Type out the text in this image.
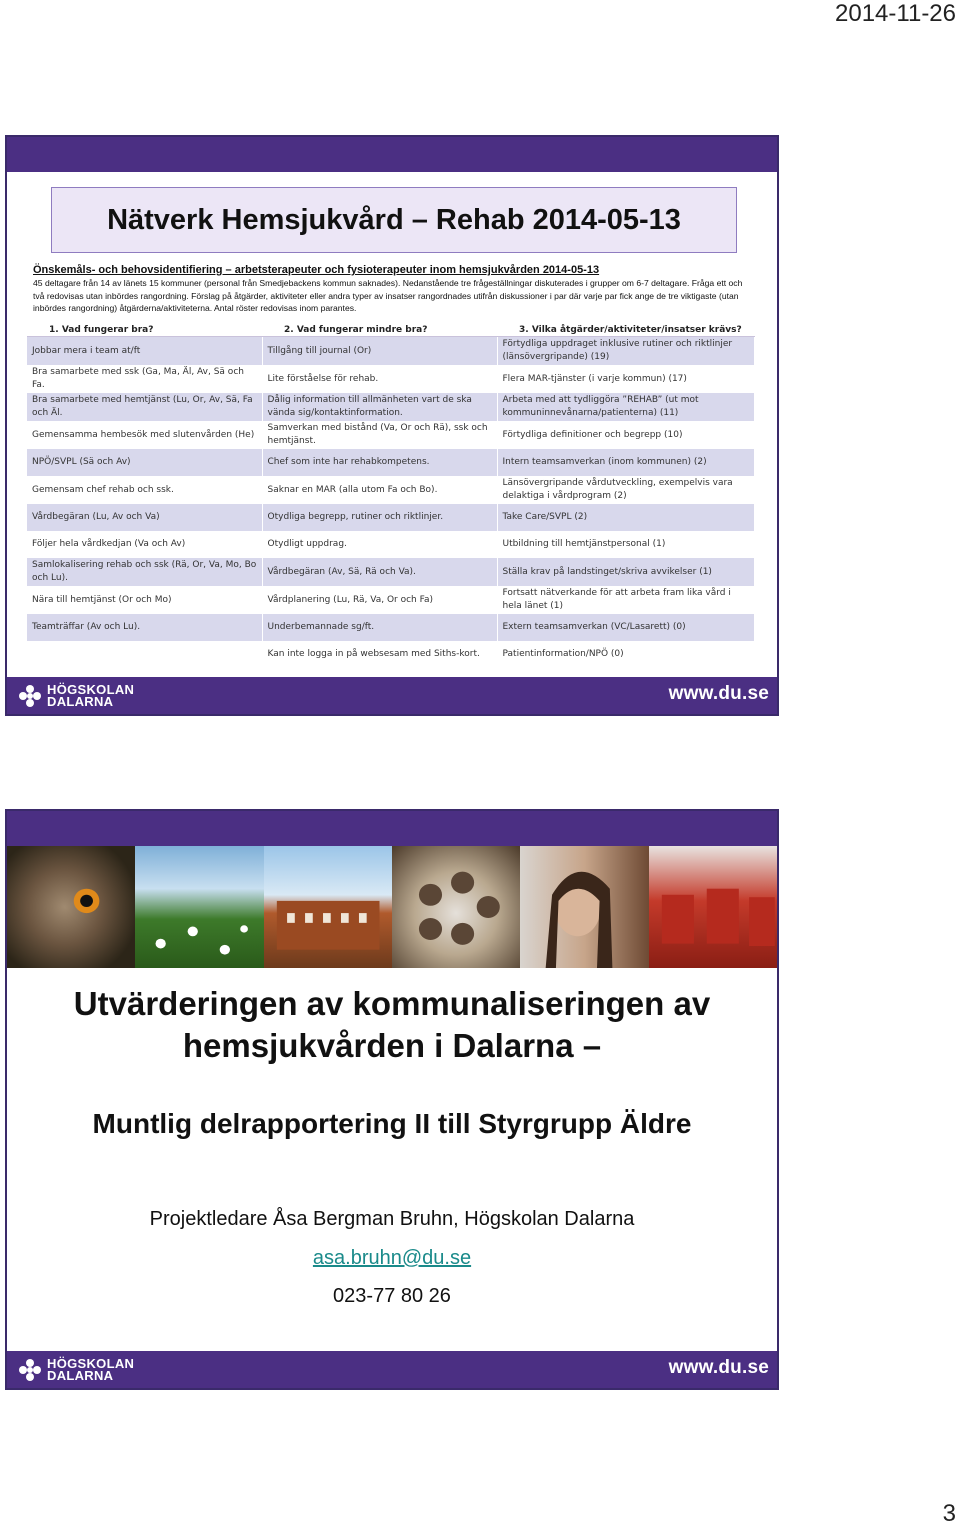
2014-11-26
Nätverk Hemsjukvård – Rehab 2014-05-13

Önskemåls- och behovsidentifiering – arbetsterapeuter och fysioterapeuter inom hemsjukvården 2014-05-13

45 deltagare från 14 av länets 15 kommuner (personal från Smedjebackens kommun saknades). Nedanstående tre frågeställningar diskuterades i grupper om 6-7 deltagare. Fråga ett och två redovisas utan inbördes rangordning. Förslag på åtgärder, aktiviteter eller andra typer av insatser rangordnades utifrån diskussioner i par där varje par fick ange de tre viktigaste (utan inbördes rangordning) åtgärderna/aktiviteterna. Antal röster redovisas inom parantes.

1. Vad fungerar bra?	2. Vad fungerar mindre bra?	3. Vilka åtgärder/aktiviteter/insatser krävs?
Jobbar mera i team at/ft	Tillgång till journal (Or)	Förtydliga uppdraget inklusive rutiner och riktlinjer (länsövergripande) (19)
Bra samarbete med ssk (Ga, Ma, Äl, Av, Sä och Fa.	Lite förståelse för rehab.	Flera MAR-tjänster (i varje kommun) (17)
Bra samarbete med hemtjänst (Lu, Or, Av, Sä, Fa och Äl.	Dålig information till allmänheten vart de ska vända sig/kontaktinformation.	Arbeta med att tydliggöra ”REHAB” (ut mot kommuninnevånarna/patienterna) (11)
Gemensamma hembesök med slutenvården (He)	Samverkan med bistånd (Va, Or och Rä), ssk och hemtjänst.	Förtydliga definitioner och begrepp (10)
NPÖ/SVPL (Sä och Av)	Chef som inte har rehabkompetens.	Intern teamsamverkan (inom kommunen) (2)
Gemensam chef rehab och ssk.	Saknar en MAR (alla utom Fa och Bo).	Länsövergripande vårdutveckling, exempelvis vara delaktiga i vårdprogram (2)
Vårdbegäran (Lu, Av och Va)	Otydliga begrepp, rutiner och riktlinjer.	Take Care/SVPL (2)
Följer hela vårdkedjan (Va och Av)	Otydligt uppdrag.	Utbildning till hemtjänstpersonal (1)
Samlokalisering rehab och ssk (Rä, Or, Va, Mo, Bo och Lu).	Vårdbegäran (Av, Sä, Rä och Va).	Ställa krav på landstinget/skriva avvikelser (1)
Nära till hemtjänst (Or och Mo)	Vårdplanering (Lu, Rä, Va, Or och Fa)	Fortsatt nätverkande för att arbeta fram lika vård i hela länet (1)
Teamträffar (Av och Lu).	Underbemannade sg/ft.	Extern teamsamverkan (VC/Lasarett) (0)
	Kan inte logga in på websesam med Siths-kort.	Patientinformation/NPÖ (0)
HÖGSKOLAN
DALARNA	www.du.se
Utvärderingen av kommunaliseringen av
hemsjukvården i Dalarna –
Muntlig delrapportering II till Styrgrupp Äldre
Projektledare Åsa Bergman Bruhn, Högskolan Dalarna
asa.bruhn@du.se
023-77 80 26
HÖGSKOLAN
DALARNA	www.du.se
3
